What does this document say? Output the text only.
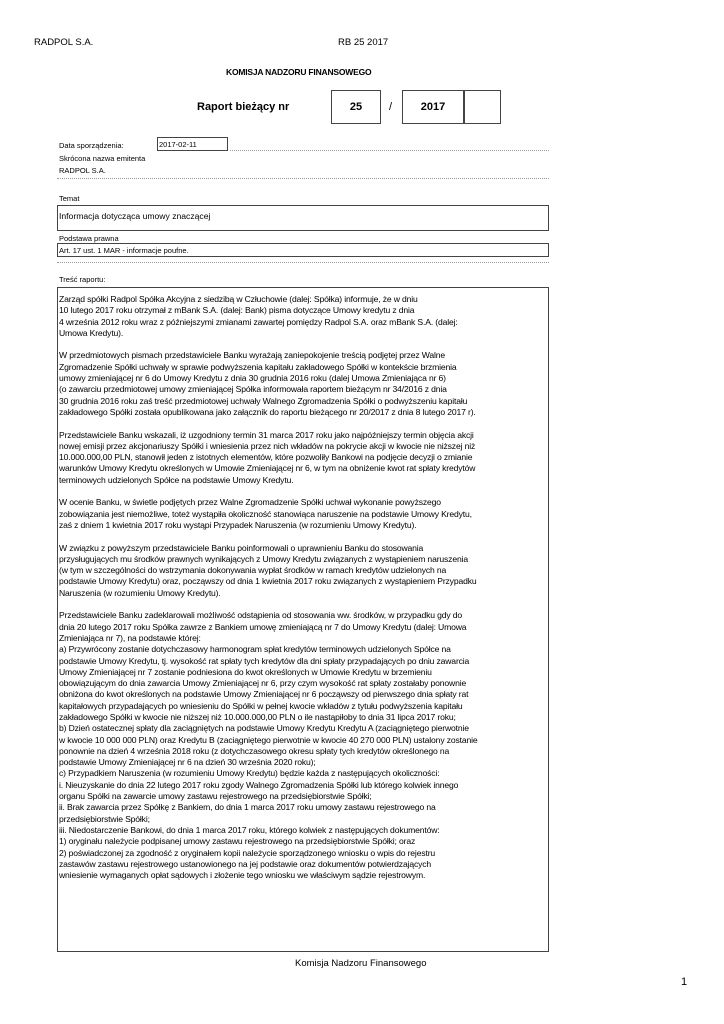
RADPOL S.A.	RB 25 2017
KOMISJA NADZORU FINANSOWEGO
Raport bieżący nr	25	/	2017
Data sporządzenia:	2017-02-11
Skrócona nazwa emitenta
RADPOL S.A.
Temat
Informacja dotycząca umowy znaczącej
Podstawa prawna
Art. 17 ust. 1 MAR - informacje poufne.
Treść raportu:
Zarząd spółki Radpol Spółka Akcyjna z siedzibą w Człuchowie (dalej: Spółka) informuje, że w dniu
10 lutego 2017 roku otrzymał z mBank S.A. (dalej: Bank) pisma dotyczące Umowy kredytu z dnia
4 września 2012 roku wraz z późniejszymi zmianami zawartej pomiędzy Radpol S.A. oraz mBank S.A. (dalej:
Umowa Kredytu).
W przedmiotowych pismach przedstawiciele Banku wyrażają zaniepokojenie treścią podjętej przez Walne
Zgromadzenie Spółki uchwały w sprawie podwyższenia kapitału zakładowego Spółki w kontekście brzmienia
umowy zmieniającej nr 6 do Umowy Kredytu z dnia 30 grudnia 2016 roku (dalej Umowa Zmieniająca nr 6)
(o zawarciu przedmiotowej umowy zmieniającej Spółka informowała raportem bieżącym nr 34/2016 z dnia
30 grudnia 2016 roku zaś treść przedmiotowej uchwały Walnego Zgromadzenia Spółki o podwyższeniu kapitału
zakładowego Spółki została opublikowana jako załącznik do raportu bieżącego nr 20/2017 z dnia 8 lutego 2017 r).
Przedstawiciele Banku wskazali, iż uzgodniony termin 31 marca 2017 roku jako najpóźniejszy termin objęcia akcji
nowej emisji przez akcjonariuszy Spółki i wniesienia przez nich wkładów na pokrycie akcji w kwocie nie niższej niż
10.000.000,00 PLN, stanowił jeden z istotnych elementów, które pozwoliły Bankowi na podjęcie decyzji o zmianie
warunków Umowy Kredytu określonych w Umowie Zmieniającej nr 6, w tym na obniżenie kwot rat spłaty kredytów
terminowych udzielonych Spółce na podstawie Umowy Kredytu.
W ocenie Banku, w świetle podjętych przez Walne Zgromadzenie Spółki uchwał wykonanie powyższego
zobowiązania jest niemożliwe, toteż wystąpiła okoliczność stanowiąca naruszenie na podstawie Umowy Kredytu,
zaś z dniem 1 kwietnia 2017 roku wystąpi Przypadek Naruszenia (w rozumieniu Umowy Kredytu).
W związku z powyższym przedstawiciele Banku poinformowali o uprawnieniu Banku do stosowania
przysługujących mu środków prawnych wynikających z Umowy Kredytu związanych z wystąpieniem naruszenia
(w tym w szczególności do wstrzymania dokonywania wypłat środków w ramach kredytów udzielonych na
podstawie Umowy Kredytu) oraz, począwszy od dnia 1 kwietnia 2017 roku związanych z wystąpieniem Przypadku
Naruszenia (w rozumieniu Umowy Kredytu).
Przedstawiciele Banku zadeklarowali możliwość odstąpienia od stosowania ww. środków, w przypadku gdy do
dnia 20 lutego 2017 roku Spółka zawrze z Bankiem umowę zmieniającą nr 7 do Umowy Kredytu (dalej: Umowa
Zmieniająca nr 7), na podstawie której:
a) Przywrócony zostanie dotychczasowy harmonogram spłat kredytów terminowych udzielonych Spółce na
podstawie Umowy Kredytu, tj. wysokość rat spłaty tych kredytów dla dni spłaty przypadających po dniu zawarcia
Umowy Zmieniającej nr 7 zostanie podniesiona do kwot określonych w Umowie Kredytu w brzemieniu
obowiązującym do dnia zawarcia Umowy Zmieniającej nr 6, przy czym wysokość rat spłaty zostałaby ponownie
obniżona do kwot określonych na podstawie Umowy Zmieniającej nr 6 począwszy od pierwszego dnia spłaty rat
kapitałowych przypadających po wniesieniu do Spółki w pełnej kwocie wkładów z tytułu podwyższenia kapitału
zakładowego Spółki w kwocie nie niższej niż 10.000.000,00 PLN o ile nastąpiłoby to dnia 31 lipca 2017 roku;
b) Dzień ostatecznej spłaty dla zaciągniętych na podstawie Umowy Kredytu Kredytu A (zaciągniętego pierwotnie
w kwocie 10 000 000 PLN) oraz Kredytu B (zaciągniętego pierwotnie w kwocie 40 270 000 PLN) ustalony zostanie
ponownie na dzień 4 września 2018 roku (z dotychczasowego okresu spłaty tych kredytów określonego na
podstawie Umowy Zmieniającej nr 6 na dzień 30 września 2020 roku);
c) Przypadkiem Naruszenia (w rozumieniu Umowy Kredytu) będzie każda z następujących okoliczności:
i. Nieuzyskanie do dnia 22 lutego 2017 roku zgody Walnego Zgromadzenia Spółki lub którego kolwiek innego
organu Spółki na zawarcie umowy zastawu rejestrowego na przedsiębiorstwie Spółki;
ii. Brak zawarcia przez Spółkę z Bankiem, do dnia 1 marca 2017 roku umowy zastawu rejestrowego na
przedsiębiorstwie Spółki;
iii. Niedostarczenie Bankowi, do dnia 1 marca 2017 roku, którego kolwiek z następujących dokumentów:
1) oryginału należycie podpisanej umowy zastawu rejestrowego na przedsiębiorstwie Spółki; oraz
2) poświadczonej za zgodność z oryginałem kopii należycie sporządzonego wniosku o wpis do rejestru
zastawów zastawu rejestrowego ustanowionego na jej podstawie oraz dokumentów potwierdzających
wniesienie wymaganych opłat sądowych i złożenie tego wniosku we właściwym sądzie rejestrowym.
Komisja Nadzoru Finansowego
1
